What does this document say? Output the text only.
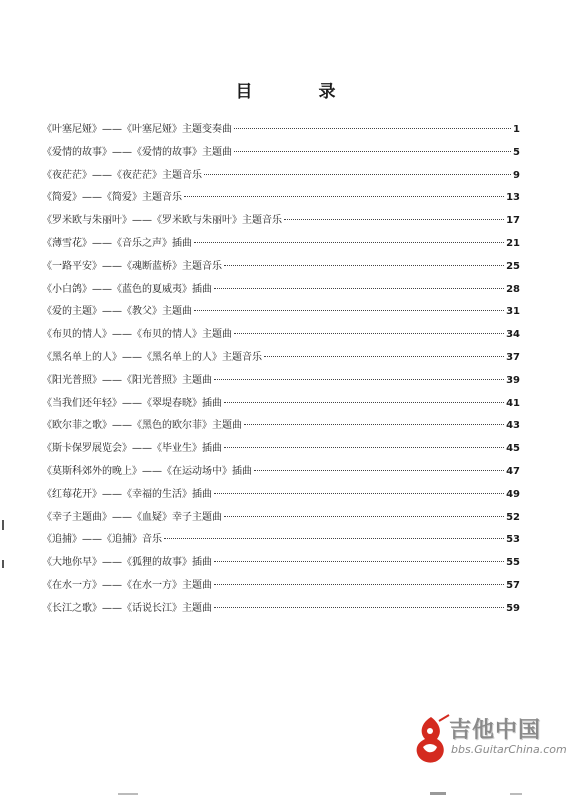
目 录
《叶塞尼娅》——《叶塞尼娅》主题变奏曲	1
《爱情的故事》——《爱情的故事》主题曲	5
《夜茫茫》——《夜茫茫》主题音乐	9
《简爱》——《简爱》主题音乐	13
《罗米欧与朱丽叶》——《罗米欧与朱丽叶》主题音乐	17
《薄雪花》——《音乐之声》插曲	21
《一路平安》——《魂断蓝桥》主题音乐	25
《小白鸽》——《蓝色的夏威夷》插曲	28
《爱的主题》——《教父》主题曲	31
《布贝的情人》——《布贝的情人》主题曲	34
《黑名单上的人》——《黑名单上的人》主题音乐	37
《阳光普照》——《阳光普照》主题曲	39
《当我们还年轻》——《翠堤春晓》插曲	41
《欧尔菲之歌》——《黑色的欧尔菲》主题曲	43
《斯卡保罗展览会》——《毕业生》插曲	45
《莫斯科郊外的晚上》——《在运动场中》插曲	47
《红莓花开》——《幸福的生活》插曲	49
《幸子主题曲》——《血疑》幸子主题曲	52
《追捕》——《追捕》音乐	53
《大地你早》——《狐狸的故事》插曲	55
《在水一方》——《在水一方》主题曲	57
《长江之歌》——《话说长江》主题曲	59
吉他中国
bbs.GuitarChina.com
